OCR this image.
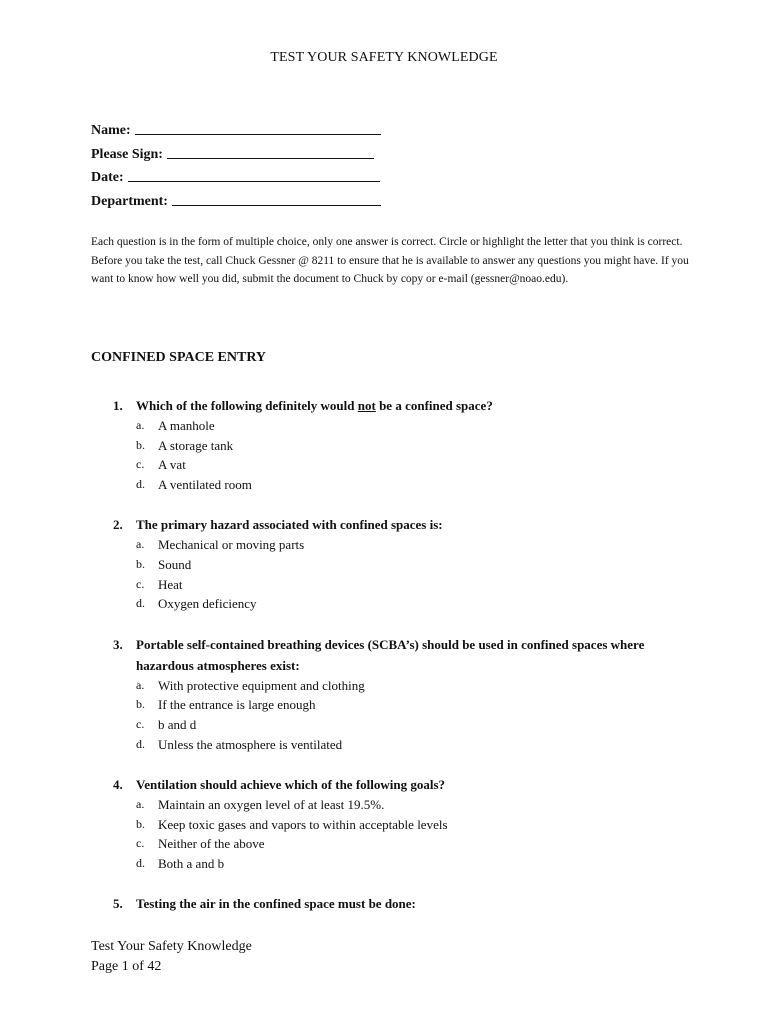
TEST YOUR SAFETY KNOWLEDGE
Name:
Please Sign:
Date:
Department:
Each question is in the form of multiple choice, only one answer is correct. Circle or highlight the letter that you think is correct. Before you take the test, call Chuck Gessner @ 8211 to ensure that he is available to answer any questions you might have. If you want to know how well you did, submit the document to Chuck by copy or e-mail (gessner@noao.edu).
CONFINED SPACE ENTRY
1. Which of the following definitely would not be a confined space?
a. A manhole
b. A storage tank
c. A vat
d. A ventilated room
2. The primary hazard associated with confined spaces is:
a. Mechanical or moving parts
b. Sound
c. Heat
d. Oxygen deficiency
3. Portable self-contained breathing devices (SCBA’s) should be used in confined spaces where hazardous atmospheres exist:
a. With protective equipment and clothing
b. If the entrance is large enough
c. b and d
d. Unless the atmosphere is ventilated
4. Ventilation should achieve which of the following goals?
a. Maintain an oxygen level of at least 19.5%.
b. Keep toxic gases and vapors to within acceptable levels
c. Neither of the above
d. Both a and b
5. Testing the air in the confined space must be done:
Test Your Safety Knowledge
Page 1 of 42
